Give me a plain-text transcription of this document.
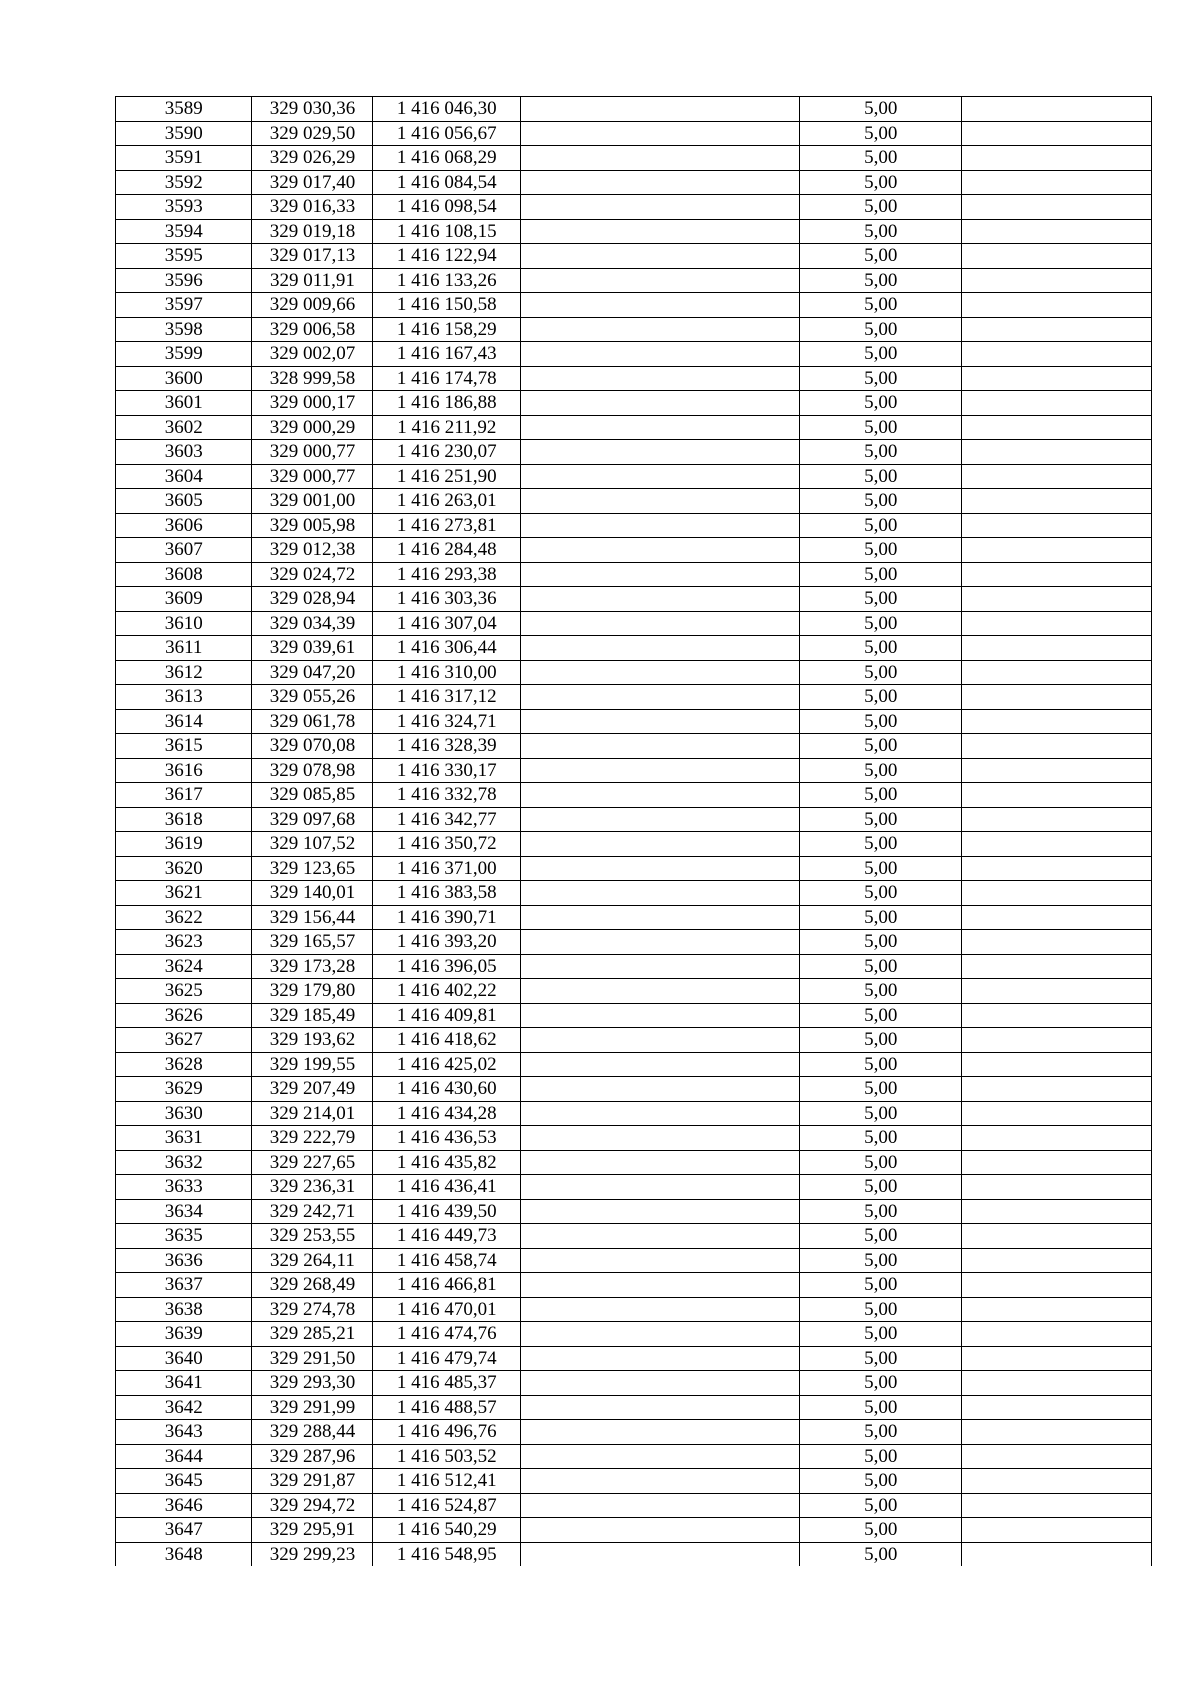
3589	329 030,36	1 416 046,30		5,00	
3590	329 029,50	1 416 056,67		5,00	
3591	329 026,29	1 416 068,29		5,00	
3592	329 017,40	1 416 084,54		5,00	
3593	329 016,33	1 416 098,54		5,00	
3594	329 019,18	1 416 108,15		5,00	
3595	329 017,13	1 416 122,94		5,00	
3596	329 011,91	1 416 133,26		5,00	
3597	329 009,66	1 416 150,58		5,00	
3598	329 006,58	1 416 158,29		5,00	
3599	329 002,07	1 416 167,43		5,00	
3600	328 999,58	1 416 174,78		5,00	
3601	329 000,17	1 416 186,88		5,00	
3602	329 000,29	1 416 211,92		5,00	
3603	329 000,77	1 416 230,07		5,00	
3604	329 000,77	1 416 251,90		5,00	
3605	329 001,00	1 416 263,01		5,00	
3606	329 005,98	1 416 273,81		5,00	
3607	329 012,38	1 416 284,48		5,00	
3608	329 024,72	1 416 293,38		5,00	
3609	329 028,94	1 416 303,36		5,00	
3610	329 034,39	1 416 307,04		5,00	
3611	329 039,61	1 416 306,44		5,00	
3612	329 047,20	1 416 310,00		5,00	
3613	329 055,26	1 416 317,12		5,00	
3614	329 061,78	1 416 324,71		5,00	
3615	329 070,08	1 416 328,39		5,00	
3616	329 078,98	1 416 330,17		5,00	
3617	329 085,85	1 416 332,78		5,00	
3618	329 097,68	1 416 342,77		5,00	
3619	329 107,52	1 416 350,72		5,00	
3620	329 123,65	1 416 371,00		5,00	
3621	329 140,01	1 416 383,58		5,00	
3622	329 156,44	1 416 390,71		5,00	
3623	329 165,57	1 416 393,20		5,00	
3624	329 173,28	1 416 396,05		5,00	
3625	329 179,80	1 416 402,22		5,00	
3626	329 185,49	1 416 409,81		5,00	
3627	329 193,62	1 416 418,62		5,00	
3628	329 199,55	1 416 425,02		5,00	
3629	329 207,49	1 416 430,60		5,00	
3630	329 214,01	1 416 434,28		5,00	
3631	329 222,79	1 416 436,53		5,00	
3632	329 227,65	1 416 435,82		5,00	
3633	329 236,31	1 416 436,41		5,00	
3634	329 242,71	1 416 439,50		5,00	
3635	329 253,55	1 416 449,73		5,00	
3636	329 264,11	1 416 458,74		5,00	
3637	329 268,49	1 416 466,81		5,00	
3638	329 274,78	1 416 470,01		5,00	
3639	329 285,21	1 416 474,76		5,00	
3640	329 291,50	1 416 479,74		5,00	
3641	329 293,30	1 416 485,37		5,00	
3642	329 291,99	1 416 488,57		5,00	
3643	329 288,44	1 416 496,76		5,00	
3644	329 287,96	1 416 503,52		5,00	
3645	329 291,87	1 416 512,41		5,00	
3646	329 294,72	1 416 524,87		5,00	
3647	329 295,91	1 416 540,29		5,00	
3648	329 299,23	1 416 548,95		5,00	
